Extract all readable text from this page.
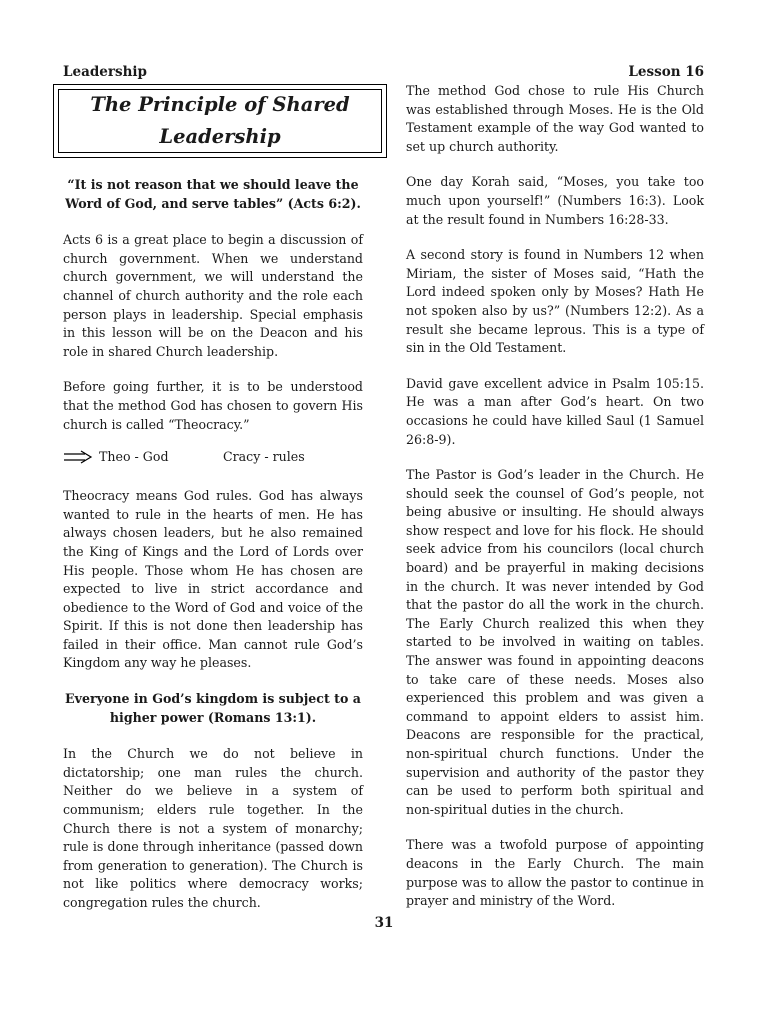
Leadership	Lesson 16
The Principle of Shared Leadership

“It is not reason that we should leave the Word of God, and serve tables” (Acts 6:2).

Acts 6 is a great place to begin a discussion of church government. When we understand church government, we will understand the channel of church authority and the role each person plays in leadership. Special emphasis in this lesson will be on the Deacon and his role in shared Church leadership.

Before going further, it is to be understood that the method God has chosen to govern His church is called “Theocracy.”

Theo - God	Cracy - rules

Theocracy means God rules. God has always wanted to rule in the hearts of men. He has always chosen leaders, but he also remained the King of Kings and the Lord of Lords over His people. Those whom He has chosen are expected to live in strict accordance and obedience to the Word of God and voice of the Spirit. If this is not done then leadership has failed in their office. Man cannot rule God’s Kingdom any way he pleases.

Everyone in God’s kingdom is subject to a higher power (Romans 13:1).

In the Church we do not believe in dictatorship; one man rules the church. Neither do we believe in a system of communism; elders rule together. In the Church there is not a system of monarchy; rule is done through inheritance (passed down from generation to generation). The Church is not like politics where democracy works; congregation rules the church.

The method God chose to rule His Church was established through Moses. He is the Old Testament example of the way God wanted to set up church authority.

One day Korah said, “Moses, you take too much upon yourself!” (Numbers 16:3). Look at the result found in Numbers 16:28-33.

A second story is found in Numbers 12 when Miriam, the sister of Moses said, “Hath the Lord indeed spoken only by Moses? Hath He not spoken also by us?” (Numbers 12:2). As a result she became leprous. This is a type of sin in the Old Testament.

David gave excellent advice in Psalm 105:15. He was a man after God’s heart. On two occasions he could have killed Saul (1 Samuel 26:8-9).

The Pastor is God’s leader in the Church. He should seek the counsel of God’s people, not being abusive or insulting. He should always show respect and love for his flock. He should seek advice from his councilors (local church board) and be prayerful in making decisions in the church. It was never intended by God that the pastor do all the work in the church. The Early Church realized this when they started to be involved in waiting on tables. The answer was found in appointing deacons to take care of these needs. Moses also experienced this problem and was given a command to appoint elders to assist him. Deacons are responsible for the practical, non-spiritual church functions. Under the supervision and authority of the pastor they can be used to perform both spiritual and non-spiritual duties in the church.

There was a twofold purpose of appointing deacons in the Early Church. The main purpose was to allow the pastor to continue in prayer and ministry of the Word.

31
